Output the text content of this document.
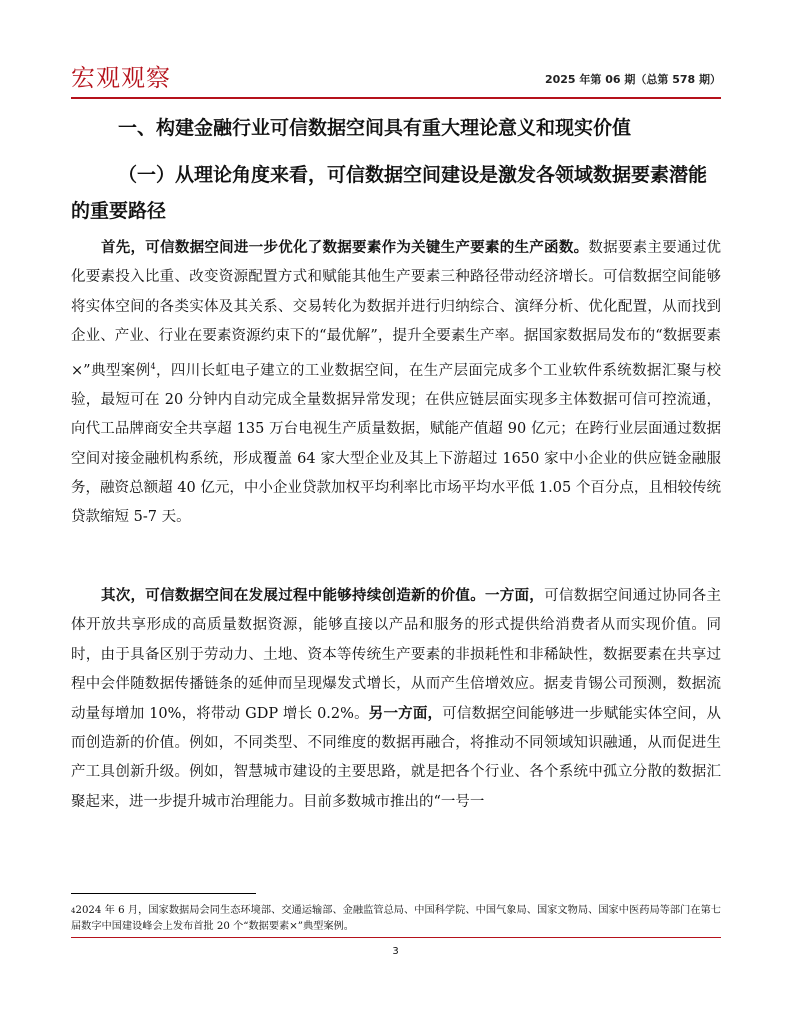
宏观观察	2025 年第 06 期（总第 578 期）
一、构建金融行业可信数据空间具有重大理论意义和现实价值
（一）从理论角度来看，可信数据空间建设是激发各领域数据要素潜能的重要路径
首先，可信数据空间进一步优化了数据要素作为关键生产要素的生产函数。数据要素主要通过优化要素投入比重、改变资源配置方式和赋能其他生产要素三种路径带动经济增长。可信数据空间能够将实体空间的各类实体及其关系、交易转化为数据并进行归纳综合、演绎分析、优化配置，从而找到企业、产业、行业在要素资源约束下的“最优解”，提升全要素生产率。据国家数据局发布的“数据要素×”典型案例$^4$，四川长虹电子建立的工业数据空间，在生产层面完成多个工业软件系统数据汇聚与校验，最短可在 20 分钟内自动完成全量数据异常发现；在供应链层面实现多主体数据可信可控流通，向代工品牌商安全共享超 135 万台电视生产质量数据，赋能产值超 90 亿元；在跨行业层面通过数据空间对接金融机构系统，形成覆盖 64 家大型企业及其上下游超过 1650 家中小企业的供应链金融服务，融资总额超 40 亿元，中小企业贷款加权平均利率比市场平均水平低 1.05 个百分点，且相较传统贷款缩短 5-7 天。
其次，可信数据空间在发展过程中能够持续创造新的价值。一方面，可信数据空间通过协同各主体开放共享形成的高质量数据资源，能够直接以产品和服务的形式提供给消费者从而实现价值。同时，由于具备区别于劳动力、土地、资本等传统生产要素的非损耗性和非稀缺性，数据要素在共享过程中会伴随数据传播链条的延伸而呈现爆发式增长，从而产生倍增效应。据麦肯锡公司预测，数据流动量每增加 10%，将带动 GDP 增长 0.2%。另一方面，可信数据空间能够进一步赋能实体空间，从而创造新的价值。例如，不同类型、不同维度的数据再融合，将推动不同领域知识融通，从而促进生产工具创新升级。例如，智慧城市建设的主要思路，就是把各个行业、各个系统中孤立分散的数据汇聚起来，进一步提升城市治理能力。目前多数城市推出的“一号一
$^4$2024 年 6 月，国家数据局会同生态环境部、交通运输部、金融监管总局、中国科学院、中国气象局、国家文物局、国家中医药局等部门在第七届数字中国建设峰会上发布首批 20 个“数据要素×”典型案例。
3
